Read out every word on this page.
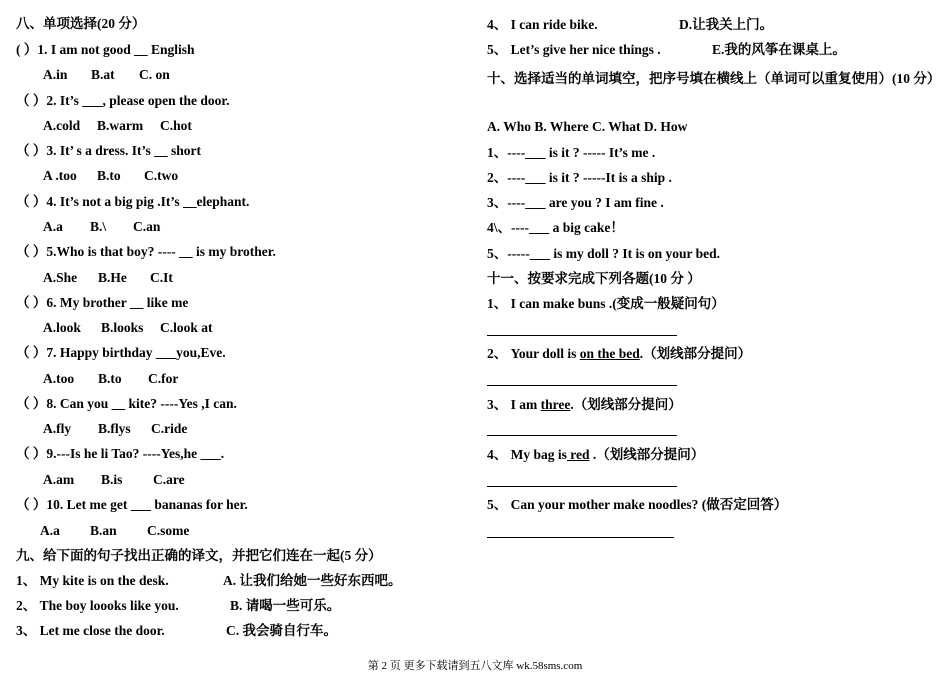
八、单项选择(20 分）
( ）1. I am not good __ English
A.in B.at C. on
（ ）2. It’s ___, please open the door.
A.cold B.warm C.hot
（ ）3. It’ s a dress. It’s __ short
A .too B.to C.two
（ ）4. It’s not a big pig .It’s __elephant.
A.a B.\ C.an
（ ）5.Who is that boy? ---- __ is my brother.
A.She B.He C.It
（ ）6. My brother __ like me
A.look B.looks C.look at
（ ）7. Happy birthday ___you,Eve.
A.too B.to C.for
（ ）8. Can you __ kite? ----Yes ,I can.
A.fly B.flys C.ride
（ ）9.---Is he li Tao? ----Yes,he ___.
A.am B.is C.are
（ ）10. Let me get ___ bananas for her.
A.a B.an C.some
九、给下面的句子找出正确的译文，并把它们连在一起(5 分）
1、 My kite is on the desk.	A. 让我们给她一些好东西吧。
2、 The boy loooks like you.	B. 请喝一些可乐。
3、 Let me close the door.	C. 我会骑自行车。
4、 I can ride bike.	D.让我关上门。
5、 Let’s give her nice things .	E.我的风筝在课桌上。
十、选择适当的单词填空，把序号填在横线上（单词可以重复使用）(10 分）
A. Who B. Where C. What D. How
1、----___ is it ? ----- It’s me .
2、----___ is it ? -----It is a ship .
3、----___ are you ? I am fine .
4\、----___ a big cake！
5、-----___ is my doll ? It is on your bed.
十一、按要求完成下列各题(10 分 ）
1、 I can make buns .(变成一般疑问句）
2、 Your doll is on the bed.（划线部分提问）
3、 I am three.（划线部分提问）
4、 My bag is red .（划线部分提问）
5、 Can your mother make noodles? (做否定回答）
第 2 页 更多下载请到五八文库 wk.58sms.com
